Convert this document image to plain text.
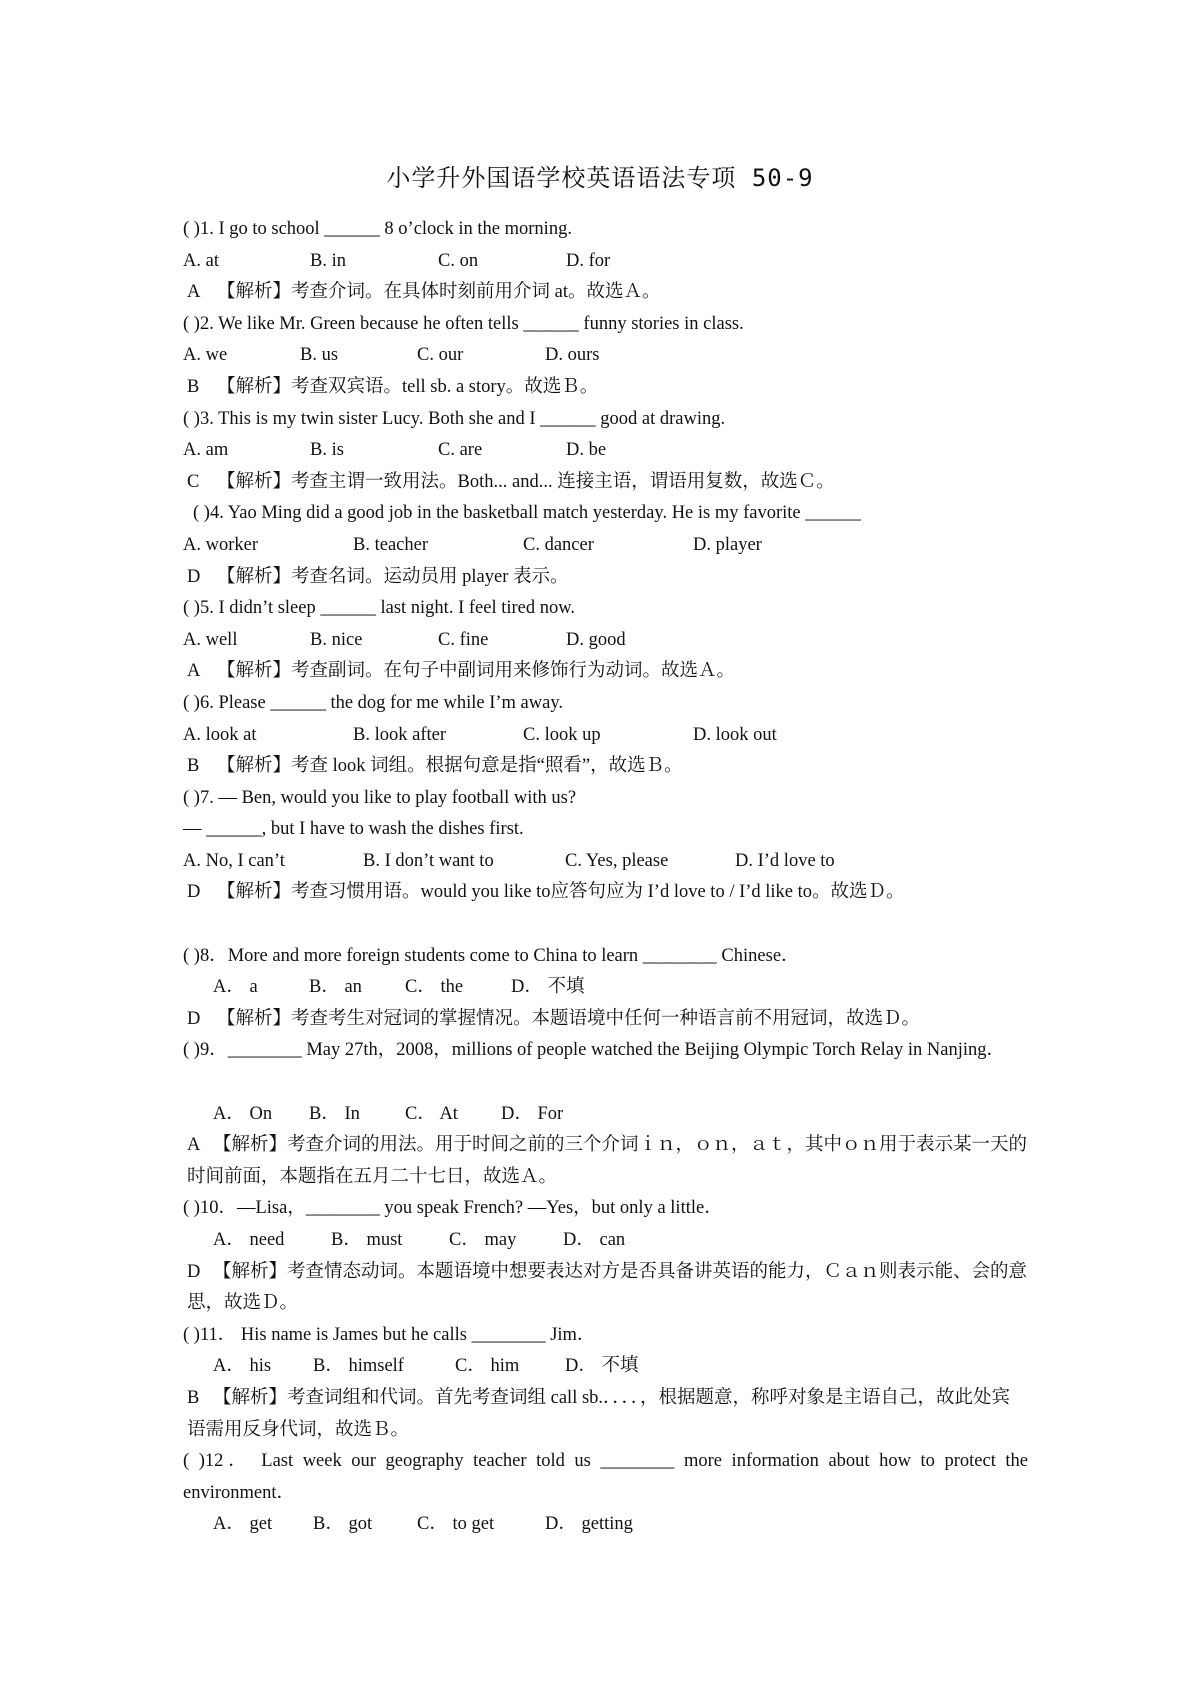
小学升外国语学校英语语法专项 50-9
( )1. I go to school ______ 8 o’clock in the morning.
A. at	B. in	C. on	D. for
A 【解析】考查介词。在具体时刻前用介词 at。故选Ａ。
( )2. We like Mr. Green because he often tells ______ funny stories in class.
A. we	B. us	C. our	D. ours
B 【解析】考查双宾语。tell sb. a story。故选Ｂ。
( )3. This is my twin sister Lucy. Both she and I ______ good at drawing.
A. am	B. is	C. are	D. be
C 【解析】考查主谓一致用法。Both... and... 连接主语，谓语用复数，故选Ｃ。
( )4. Yao Ming did a good job in the basketball match yesterday. He is my favorite ______
A. worker	B. teacher	C. dancer	D. player
D 【解析】考查名词。运动员用 player 表示。
( )5. I didn’t sleep ______ last night. I feel tired now.
A. well	B. nice	C. fine	D. good
A 【解析】考查副词。在句子中副词用来修饰行为动词。故选Ａ。
( )6. Please ______ the dog for me while I’m away.
A. look at	B. look after	C. look up	D. look out
B 【解析】考查 look 词组。根据句意是指“照看”，故选Ｂ。
( )7. — Ben, would you like to play football with us?
— ______, but I have to wash the dishes first.
A. No, I can’t	B. I don’t want to	C. Yes, please	D. I’d love to
D 【解析】考查习惯用语。would you like to应答句应为 I’d love to / I’d like to。故选Ｄ。
( )8．More and more foreign students come to China to learn ________ Chinese．
A． a	B． an C． the	D． 不填
D 【解析】考查考生对冠词的掌握情况。本题语境中任何一种语言前不用冠词，故选Ｄ。
( )9．________ May 27th，2008，millions of people watched the Beijing Olympic Torch Relay in Nanjing．
A． On B． In C． At D． For
A 【解析】考查介词的用法。用于时间之前的三个介词ｉｎ，ｏｎ，ａｔ，其中ｏｎ用于表示某一天的时间前面，本题指在五月二十七日，故选Ａ。
( )10．—Lisa，________ you speak French? —Yes，but only a little．
A． need	B． must	C． may	D． can
D 【解析】考查情态动词。本题语境中想要表达对方是否具备讲英语的能力，Ｃａｎ则表示能、会的意思，故选Ｄ。
( )11． His name is James but he calls ________ Jim．
A． his B． himself	C． him D． 不填
B 【解析】考查词组和代词。首先考查词组 call sb.．．．．，根据题意，称呼对象是主语自己，故此处宾语需用反身代词，故选Ｂ。
( )12． Last week our geography teacher told us ________ more information about how to protect the environment．
A． get B． got C． to get	D． getting
